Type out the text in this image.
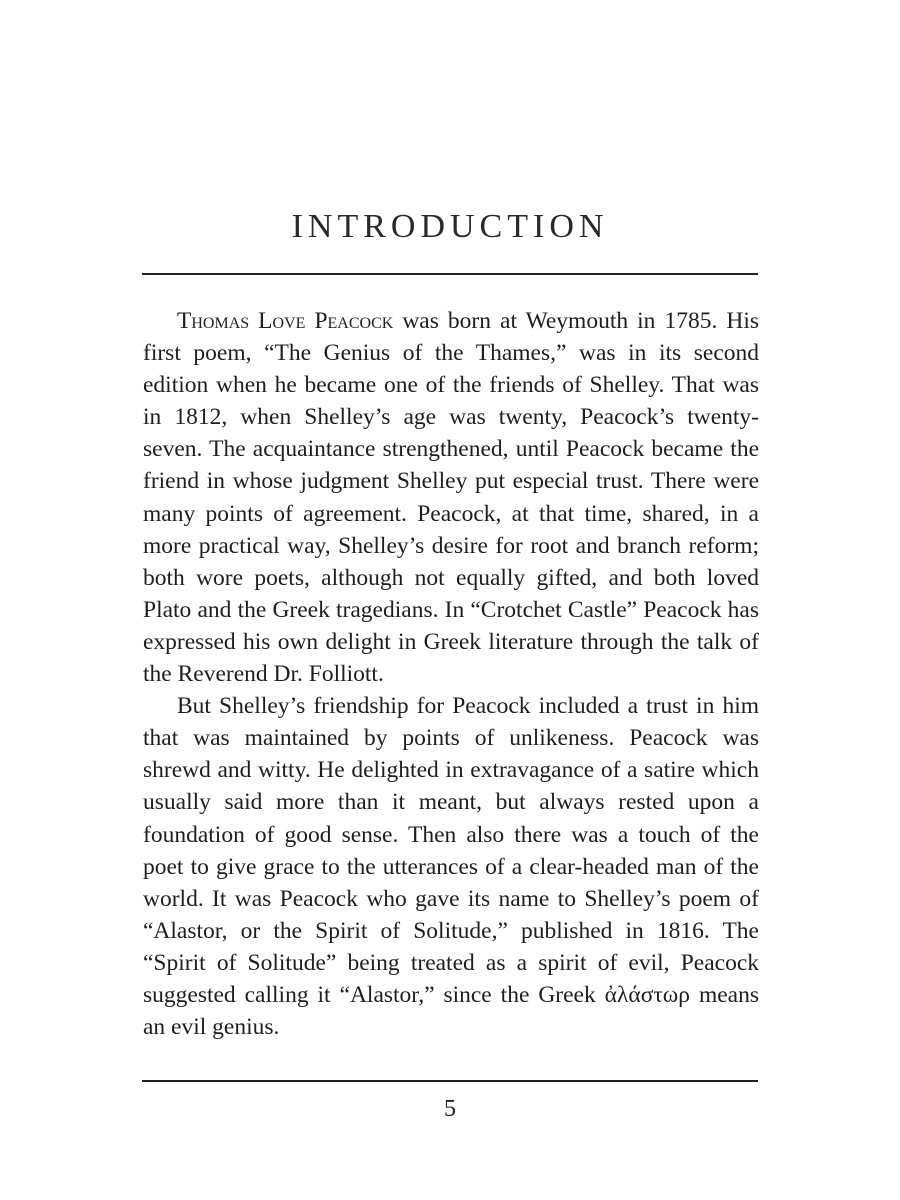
INTRODUCTION

Thomas Love Peacock was born at Weymouth in 1785. His first poem, “The Genius of the Thames,” was in its second edition when he became one of the friends of Shelley. That was in 1812, when Shelley’s age was twenty, Peacock’s twenty-seven. The acquaintance strengthened, until Peacock became the friend in whose judgment Shelley put especial trust. There were many points of agreement. Peacock, at that time, shared, in a more practical way, Shelley’s desire for root and branch reform; both wore poets, although not equally gifted, and both loved Plato and the Greek tragedians. In “Crotchet Castle” Peacock has expressed his own delight in Greek literature through the talk of the Reverend Dr. Folliott.

But Shelley’s friendship for Peacock included a trust in him that was maintained by points of unlikeness. Peacock was shrewd and witty. He delighted in extravagance of a satire which usually said more than it meant, but always rested upon a foundation of good sense. Then also there was a touch of the poet to give grace to the utterances of a clear-headed man of the world. It was Peacock who gave its name to Shelley’s poem of “Alastor, or the Spirit of Solitude,” published in 1816. The “Spirit of Solitude” being treated as a spirit of evil, Peacock suggested calling it “Alastor,” since the Greek ἀλάστωρ means an evil genius.

5
